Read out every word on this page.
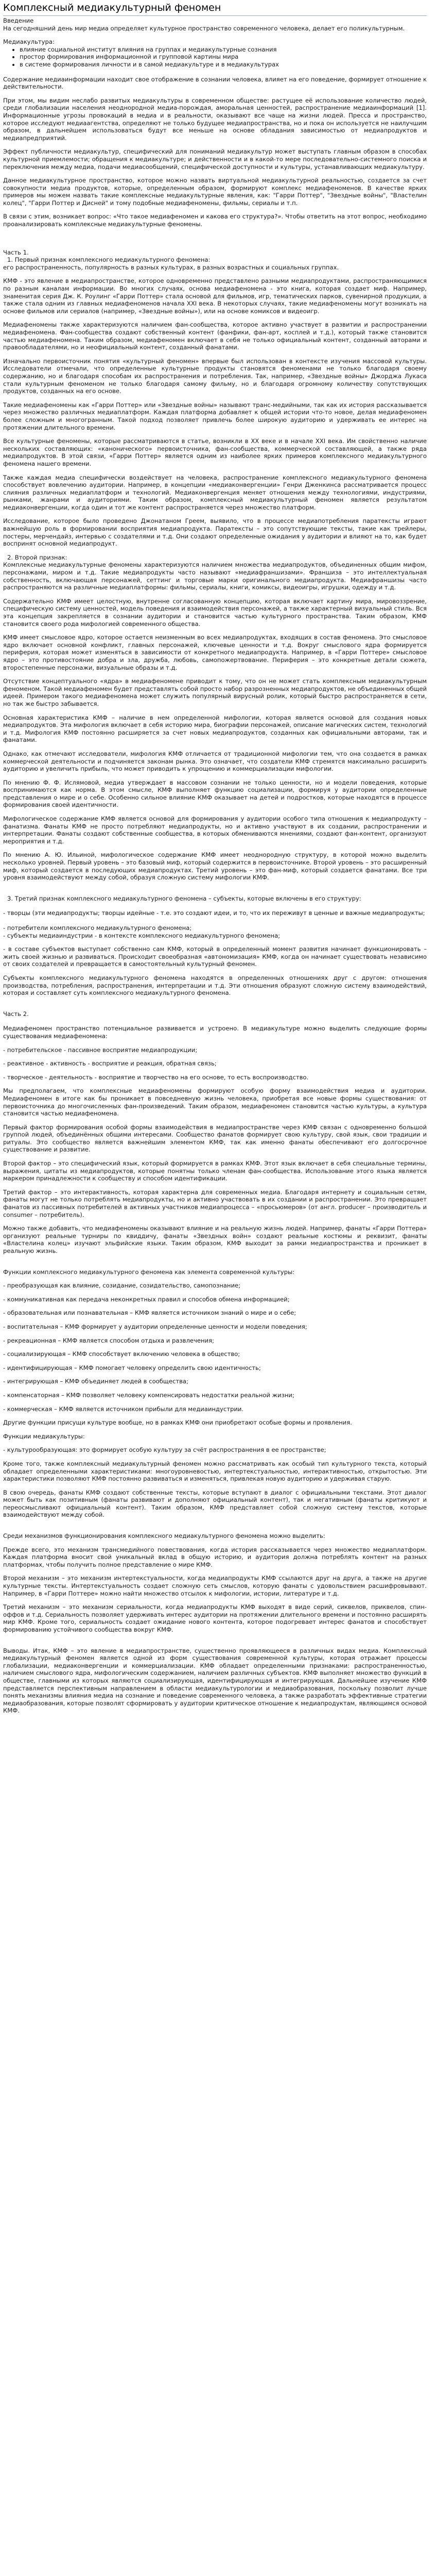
Комплексный медиакультурный феномен
Введение

На сегодняшний день мир медиа определяет культурное пространство современного человека, делает его поликультурным.

Медиакультура:
• влияние социальной институт влияния на группах и медиакультурные сознания
• простор формирования информационной и групповой картины мира
• в системе формирования личности и в самой медиакультуре и в медиакультурах

Содержание медиаинформации находит свое отображение в сознании человека, влияет на его поведение, формирует отношение к действительности.

При этом, мы видим неслабо развитых медиакультуры в современном обществе: растущее её использование количество людей, среди глобализации населения неоднородной медиа-порождая, аморальная ценностей, распространение медиаинформаций [1]. Информационные угрозы провокаций в медиа и в реальности, оказывают все чаще на жизни людей. Пресса и пространство, которое исследуют медиаагентства, определяют не только будущее медиапространства, но и пока он используется не наилучшим образом, в дальнейшем использоваться будут все меньше на основе обладания зависимостью от медиапродуктов и медиапредприятий.

Эффект публичности медиакультур, специфический для пониманий медиакультур может выступать главным образом в способах культурной приемлемости; обращения к медиакультуре; и действенности и в какой-то мере последовательно-системного поиска и переключения между медиа, подачи медиасообщений, специфической доступности и культуры, устанавливающих медиакультуру.

Данное медиакультурное пространство, которое можно назвать виртуальной медиакультурной реальностью, создается за счет совокупности медиа продуктов, которые, определенным образом, формируют комплекс медиафеноменов. В качестве ярких примеров мы можем назвать такие комплексные медиакультурные явления, как: "Гарри Поттер", "Звездные войны", "Властелин колец", "Гарри Поттер и Дисней" и тому подобные медиафеномены, фильмы, сериалы и т.п.

В связи с этим, возникает вопрос: «Что такое медиафеномен и какова его структура?». Чтобы ответить на этот вопрос, необходимо проанализировать комплексные медиакультурные феномены.

Часть 1.
1. Первый признак комплексного медиакультурного феномена:

его распространенность, популярность в разных культурах, в разных возрастных и социальных группах.

КМФ - это явление в медиапространстве, которое одновременно представлено разными медиапродуктами, распространяющимися по разным каналам информации. Во многих случаях, основа медиафеномена - это книга, которая создает миф. Например, знаменитая серия Дж. К. Роулинг «Гарри Поттер» стала основой для фильмов, игр, тематических парков, сувенирной продукции, а также стала одним из главных медиафеноменов начала XXI века. В некоторых случаях, такие медиафеномены могут возникать на основе фильмов или сериалов (например, «Звездные войны»), или на основе комиксов и видеоигр.

Медиафеномены также характеризуются наличием фан-сообщества, которое активно участвует в развитии и распространении медиафеномена. Фан-сообщества создают собственный контент (фанфики, фан-арт, косплей и т.д.), который также становится частью медиафеномена. Таким образом, медиафеномен включает в себя не только официальный контент, созданный авторами и правообладателями, но и неофициальный контент, созданный фанатами.

Изначально первоисточник понятия «культурный феномен» впервые был использован в контексте изучения массовой культуры. Исследователи отмечали, что определенные культурные продукты становятся феноменами не только благодаря своему содержанию, но и благодаря способам их распространения и потребления. Так, например, «Звездные войны» Джорджа Лукаса стали культурным феноменом не только благодаря самому фильму, но и благодаря огромному количеству сопутствующих продуктов, созданных на его основе.

Такие медиафеномены как «Гарри Поттер» или «Звездные войны» называют транс-медийными, так как их история рассказывается через множество различных медиаплатформ. Каждая платформа добавляет к общей истории что-то новое, делая медиафеномен более сложным и многогранным. Такой подход позволяет привлечь более широкую аудиторию и удерживать ее интерес на протяжении длительного времени.

Все культурные феномены, которые рассматриваются в статье, возникли в ХХ веке и в начале ХХI века. Им свойственно наличие нескольких составляющих: «канонического» первоисточника, фан-сообщества, коммерческой составляющей, а также ряда медиапродуктов. В этой связи, «Гарри Поттер» является одним из наиболее ярких примеров комплексного медиакультурного феномена нашего времени.

Также каждая медиа специфически воздействует на человека, распространение комплексного медиакультурного феномена способствует вовлечению аудитории. Например, в концепции «медиаконвергенции» Генри Дженкинса рассматривается процесс слияния различных медиаплатформ и технологий. Медиаконвергенция меняет отношения между технологиями, индустриями, рынками, жанрами и аудиториями. Таким образом, комплексный медиакультурный феномен является результатом медиаконвергенции, когда один и тот же контент распространяется через множество платформ.

Исследование, которое было проведено Джонатаном Греем, выявило, что в процессе медиапотребления паратексты играют важнейшую роль в формировании восприятия медиапродукта. Паратексты – это сопутствующие тексты, такие как трейлеры, постеры, мерчендайз, интервью с создателями и т.д. Они создают определенные ожидания у аудитории и влияют на то, как будет воспринят основной медиапродукт.

2. Второй признак:

Комплексные медиакультурные феномены характеризуются наличием множества медиапродуктов, объединенных общим мифом, персонажами, миром и т.д. Такие медиапродукты часто называют «медиафраншизами». Франшиза – это интеллектуальная собственность, включающая персонажей, сеттинг и торговые марки оригинального медиапродукта. Медиафраншизы часто распространяются на различные медиаплатформы: фильмы, сериалы, книги, комиксы, видеоигры, игрушки, одежду и т.д.

Содержательно КМФ имеет целостную, внутренне согласованную концепцию, которая включает картину мира, мировоззрение, специфическую систему ценностей, модель поведения и взаимодействия персонажей, а также характерный визуальный стиль. Вся эта концепция закрепляется в сознании аудитории и становится частью культурного пространства. Таким образом, КМФ становится своего рода мифологией современного общества.

КМФ имеет смысловое ядро, которое остается неизменным во всех медиапродуктах, входящих в состав феномена. Это смысловое ядро включает основной конфликт, главных персонажей, ключевые ценности и т.д. Вокруг смыслового ядра формируется периферия, которая может изменяться в зависимости от конкретного медиапродукта. Например, в «Гарри Поттере» смысловое ядро – это противостояние добра и зла, дружба, любовь, самопожертвование. Периферия – это конкретные детали сюжета, второстепенные персонажи, визуальные образы и т.д.

Отсутствие концептуального «ядра» в медиафеномене приводит к тому, что он не может стать комплексным медиакультурным феноменом. Такой медиафеномен будет представлять собой просто набор разрозненных медиапродуктов, не объединенных общей идеей. Примером такого медиафеномена может служить популярный вирусный ролик, который быстро распространяется в сети, но так же быстро забывается.

Основная характеристика КМФ – наличие в нем определенной мифологии, которая является основой для создания новых медиапродуктов. Эта мифология включает в себя историю мира, биографии персонажей, описание магических систем, технологий и т.д. Мифология КМФ постоянно расширяется за счет новых медиапродуктов, созданных как официальными авторами, так и фанатами.

Однако, как отмечают исследователи, мифология КМФ отличается от традиционной мифологии тем, что она создается в рамках коммерческой деятельности и подчиняется законам рынка. Это означает, что создатели КМФ стремятся максимально расширить аудиторию и увеличить прибыль, что может приводить к упрощению и коммерциализации мифологии.

По мнению Ф. Ф. Ислямовой, медиа утверждает в массовом сознании не только ценности, но и модели поведения, которые воспринимаются как норма. В этом смысле, КМФ выполняет функцию социализации, формируя у аудитории определенные представления о мире и о себе. Особенно сильное влияние КМФ оказывает на детей и подростков, которые находятся в процессе формирования своей идентичности.

Мифологическое содержание КМФ является основой для формирования у аудитории особого типа отношения к медиапродукту – фанатизма. Фанаты КМФ не просто потребляют медиапродукты, но и активно участвуют в их создании, распространении и интерпретации. Фанаты создают собственные сообщества, в которых обмениваются мнениями, создают фан-контент, организуют мероприятия и т.д.

По мнению А. Ю. Ильиной, мифологическое содержание КМФ имеет неоднородную структуру, в которой можно выделить несколько уровней. Первый уровень – это базовый миф, который содержится в первоисточнике. Второй уровень – это расширенный миф, который создается в последующих медиапродуктах. Третий уровень – это фан-миф, который создается фанатами. Все три уровня взаимодействуют между собой, образуя сложную систему мифологии КМФ.

3. Третий признак комплексного медиакультурного феномена – субъекты, которые включены в его структуру:

- творцы (эти медиапродукты; творцы идейные - т.е. это создают идеи, и то, что их переживут в ценные и важные медиапродукты;

- потребители комплексного медиакультурного феномена;

- субъекты медиаиндустрии - в контексте комплексного медиакультурного феномена;

- в составе субъектов выступает собственно сам КМФ, который в определенный момент развития начинает функционировать – жить своей жизнью и развиваться. Происходит своеобразная «автономизация» КМФ, когда он начинает существовать независимо от своих создателей и превращается в самостоятельный культурный феномен.

Субъекты комплексного медиакультурного феномена находятся в определенных отношениях друг с другом: отношения производства, потребления, распространения, интерпретации и т.д. Эти отношения образуют сложную систему взаимодействий, которая и составляет суть комплексного медиакультурного феномена.

Часть 2.

Медиафеномен пространство потенциальное развивается и устроено. В медиакультуре можно выделить следующие формы существования медиафеномена:

- потребительское - пассивное восприятие медиапродукции;

- реактивное - активность - восприятие и реакция, обратная связь;

- творческое - деятельность - восприятие и творчество на его основе, то есть воспроизводство.

Мы предполагаем, что комплексные медиафеномены формируют особую форму взаимодействия медиа и аудитории. Медиафеномен в итоге как бы проникает в повседневную жизнь человека, приобретая все новые формы существования: от первоисточника до многочисленных фан-произведений. Таким образом, медиафеномен становится частью культуры, а культура становится частью медиафеномена.

Первый фактор формирования особой формы взаимодействия в медиапространстве через КМФ связан с одновременно большой группой людей, объединённых общими интересами. Сообщество фанатов формирует свою культуру, свой язык, свои традиции и ритуалы. Это сообщество является важнейшим элементом КМФ, так как именно фанаты обеспечивают его долгосрочное существование и развитие.

Второй фактор – это специфический язык, который формируется в рамках КМФ. Этот язык включает в себя специальные термины, выражения, цитаты из медиапродуктов, которые понятны только членам фан-сообщества. Использование этого языка является маркером принадлежности к сообществу и способом идентификации.

Третий фактор – это интерактивность, которая характерна для современных медиа. Благодаря интернету и социальным сетям, фанаты могут не только потреблять медиапродукты, но и активно участвовать в их создании и распространении. Это превращает фанатов из пассивных потребителей в активных участников медиапроцесса – «просьюмеров» (от англ. producer – производитель и consumer – потребитель).

Можно также добавить, что медиафеномены оказывают влияние и на реальную жизнь людей. Например, фанаты «Гарри Поттера» организуют реальные турниры по квиддичу, фанаты «Звездных войн» создают реальные костюмы и реквизит, фанаты «Властелина колец» изучают эльфийские языки. Таким образом, КМФ выходит за рамки медиапространства и проникает в реальную жизнь.

Функции комплексного медиакультурного феномена как элемента современной культуры:

- преобразующая как влияние, созидание, созидательство, самопознание;

- коммуникативная как передача неконкретных правил и способов обмена информацией;

- образовательная или познавательная – КМФ является источником знаний о мире и о себе;

- воспитательная – КМФ формирует у аудитории определенные ценности и модели поведения;

- рекреационная – КМФ является способом отдыха и развлечения;

- социализирующая – КМФ способствует включению человека в общество;

- идентифицирующая – КМФ помогает человеку определить свою идентичность;

- интегрирующая – КМФ объединяет людей в сообщества;

- компенсаторная – КМФ позволяет человеку компенсировать недостатки реальной жизни;

- коммерческая – КМФ является источником прибыли для медиаиндустрии.

Другие функции присущи культуре вообще, но в рамках КМФ они приобретают особые формы и проявления.

Функции медиакультуры:

- культурообразующая: это формирует особую культуру за счёт распространения в ее пространстве;

Кроме того, также комплексный медиакультурный феномен можно рассматривать как особый тип культурного текста, который обладает определенными характеристиками: многоуровневостью, интертекстуальностью, интерактивностью, открытостью. Эти характеристики позволяют КМФ постоянно развиваться и изменяться, привлекая новую аудиторию и удерживая старую.

В свою очередь, фанаты КМФ создают собственные тексты, которые вступают в диалог с официальными текстами. Этот диалог может быть как позитивным (фанаты развивают и дополняют официальный контент), так и негативным (фанаты критикуют и переосмысливают официальный контент). Таким образом, КМФ представляет собой сложную систему текстов, которые взаимодействуют между собой.

Среди механизмов функционирования комплексного медиакультурного феномена можно выделить:

Прежде всего, это механизм трансмедийного повествования, когда история рассказывается через множество медиаплатформ. Каждая платформа вносит свой уникальный вклад в общую историю, и аудитория должна потреблять контент на разных платформах, чтобы получить полное представление о мире КМФ.

Второй механизм – это механизм интертекстуальности, когда медиапродукты КМФ ссылаются друг на друга, а также на другие культурные тексты. Интертекстуальность создает сложную сеть смыслов, которую фанаты с удовольствием расшифровывают. Например, в «Гарри Поттере» можно найти множество отсылок к мифологии, истории, литературе и т.д.

Третий механизм – это механизм сериальности, когда медиапродукты КМФ выходят в виде серий, сиквелов, приквелов, спин-оффов и т.д. Сериальность позволяет удерживать интерес аудитории на протяжении длительного времени и постоянно расширять мир КМФ. Кроме того, сериальность создает ожидание нового контента, которое подогревает интерес фанатов и способствует формированию устойчивого сообщества вокруг КМФ.

Выводы. Итак, КМФ – это явление в медиапространстве, существенно проявляющееся в различных видах медиа. Комплексный медиакультурный феномен является одной из форм существования современной культуры, которая отражает процессы глобализации, медиаконвергенции и коммерциализации. КМФ обладает определенными признаками: распространенностью, наличием смыслового ядра, мифологическим содержанием, наличием различных субъектов. КМФ выполняет множество функций в обществе, главными из которых являются социализирующая, идентифицирующая и интегрирующая. Дальнейшее изучение КМФ представляется перспективным направлением в области медиакультурологии и медиаобразования, поскольку позволит лучше понять механизмы влияния медиа на сознание и поведение современного человека, а также разработать эффективные стратегии медиаобразования, которые позволят сформировать у аудитории критическое отношение к медиапродуктам, являющимся основой КМФ.
